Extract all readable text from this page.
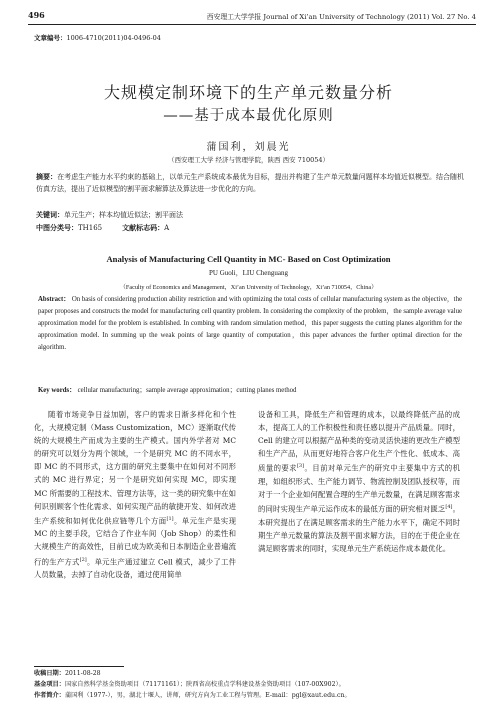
496	西安理工大学学报 Journal of Xi’an University of Technology (2011) Vol. 27 No. 4
文章编号：1006-4710(2011)04-0496-04
大规模定制环境下的生产单元数量分析
——基于成本最优化原则
蒲国利，刘晨光
（西安理工大学 经济与管理学院，陕西 西安 710054）
摘要：在考虑生产能力水平约束的基础上，以单元生产系统成本最优为目标，提出并构建了生产单元数量问题样本均值近似模型。结合随机仿真方法，提出了近似模型的割平面求解算法及算法进一步优化的方向。
关键词：单元生产；样本均值近似法；割平面法
中图分类号：TH165	文献标志码：A
Analysis of Manufacturing Cell Quantity in MC- Based on Cost Optimization
PU Guoli，LIU Chenguang
（Faculty of Economics and Management，Xi’an University of Technology，Xi’an 710054，China）
Abstract： On basis of considering production ability restriction and with optimizing the total costs of cellular manufacturing system as the objective，the paper proposes and constructs the model for manufacturing cell quantity problem. In considering the complexity of the problem，the sample average value approximation model for the problem is established. In combing with random simulation method，this paper suggests the cutting planes algorithm for the approximation model. In summing up the weak points of large quantity of computation，this paper advances the further optimal direction for the algorithm.
Key words： cellular manufacturing；sample average approximation；cutting planes method
随着市场竞争日益加剧，客户的需求日渐多样化和个性化，大规模定制（Mass Customization，MC）逐渐取代传统的大规模生产而成为主要的生产模式。国内外学者对 MC 的研究可以划分为两个领域，一个是研究 MC 的不同水平，即 MC 的不同形式，这方面的研究主要集中在如何对不同形式的 MC 进行界定；另一个是研究如何实现 MC，即实现 MC 所需要的工程技术、管理方法等，这一类的研究集中在如何识别顾客个性化需求、如何实现产品的敏捷开发、如何改进生产系统和如何优化供应链等几个方面[1]。单元生产是实现 MC 的主要手段，它结合了作业车间（Job Shop）的柔性和大规模生产的高效性，目前已成为欧美和日本制造企业普遍流行的生产方式[2]。单元生产通过建立 Cell 模式，减少了工件人员数量，去掉了自动化设备，通过使用简单
设备和工具，降低生产和管理的成本，以最终降低产品的成本，提高工人的工作积极性和责任感以提升产品质量。同时，Cell 的建立可以根据产品种类的变动灵活快速的更改生产模型和生产产品，从而更好地符合客户化生产个性化、低成本、高质量的要求[3]。目前对单元生产的研究中主要集中方式的机理，如组织形式、生产能力调节、物流控制及团队授权等，而对于一个企业如何配置合理的生产单元数量，在满足顾客需求的同时实现生产单元运作成本的最低方面的研究相对匮乏[4]。本研究提出了在满足顾客需求的生产能力水平下，确定不同时期生产单元数量的算法及割平面求解方法，目的在于使企业在满足顾客需求的同时，实现单元生产系统运作成本最优化。
收稿日期：2011-08-28
基金项目：国家自然科学基金资助项目（71171161）；陕西省高校重点学科建设基金资助项目（107-00X902）。
作者简介：蒲国利（1977-），男，湖北十堰人，讲师，研究方向为工业工程与管理。E-mail：pgl@xaut.edu.cn。
